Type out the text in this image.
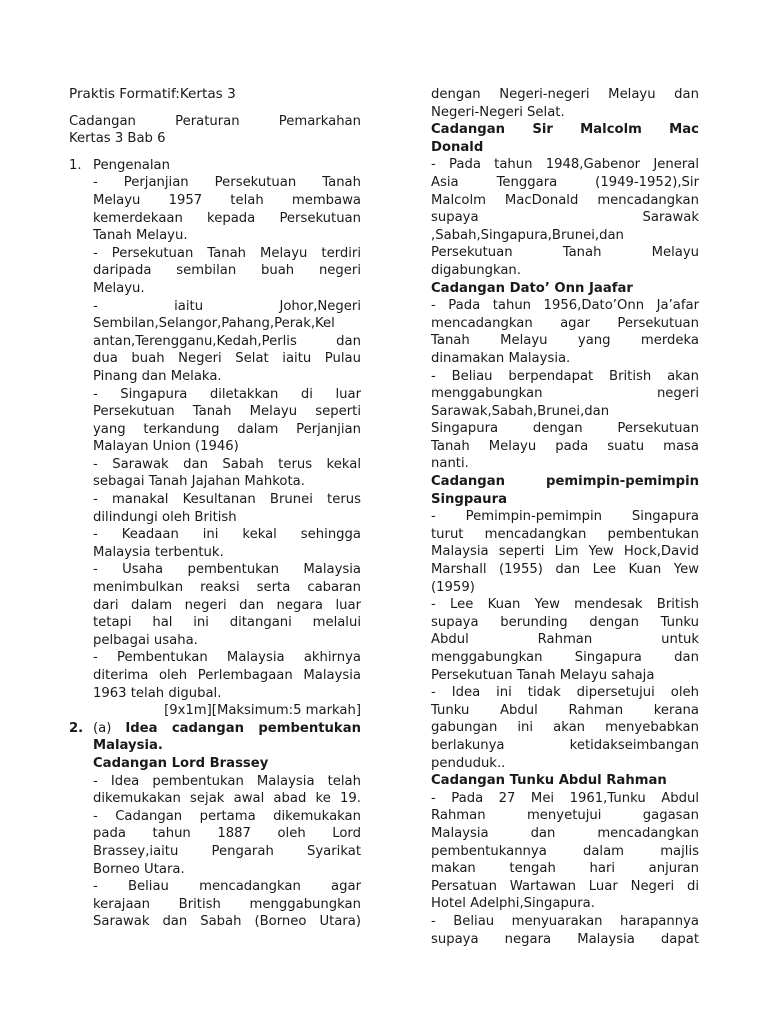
Praktis Formatif:Kertas 3

Cadangan Peraturan Pemarkahan

Kertas 3 Bab 6

1. Pengenalan

- Perjanjian Persekutuan Tanah

Melayu 1957 telah membawa

kemerdekaan kepada Persekutuan

Tanah Melayu.

- Persekutuan Tanah Melayu terdiri

daripada sembilan buah negeri

Melayu.

- iaitu Johor,Negeri

Sembilan,Selangor,Pahang,Perak,Kel

antan,Terengganu,Kedah,Perlis dan

dua buah Negeri Selat iaitu Pulau

Pinang dan Melaka.

- Singapura diletakkan di luar

Persekutuan Tanah Melayu seperti

yang terkandung dalam Perjanjian

Malayan Union (1946)

- Sarawak dan Sabah terus kekal

sebagai Tanah Jajahan Mahkota.

- manakal Kesultanan Brunei terus

dilindungi oleh British

- Keadaan ini kekal sehingga

Malaysia terbentuk.

- Usaha pembentukan Malaysia

menimbulkan reaksi serta cabaran

dari dalam negeri dan negara luar

tetapi hal ini ditangani melalui

pelbagai usaha.

- Pembentukan Malaysia akhirnya

diterima oleh Perlembagaan Malaysia

1963 telah digubal.

[9x1m][Maksimum:5 markah]

2. (a) Idea cadangan pembentukan

Malaysia.

Cadangan Lord Brassey

- Idea pembentukan Malaysia telah

dikemukakan sejak awal abad ke 19.

- Cadangan pertama dikemukakan

pada tahun 1887 oleh Lord

Brassey,iaitu Pengarah Syarikat

Borneo Utara.

- Beliau mencadangkan agar

kerajaan British menggabungkan

Sarawak dan Sabah (Borneo Utara)

dengan Negeri-negeri Melayu dan

Negeri-Negeri Selat.

Cadangan Sir Malcolm Mac

Donald

- Pada tahun 1948,Gabenor Jeneral

Asia Tenggara (1949-1952),Sir

Malcolm MacDonald mencadangkan

supaya Sarawak

,Sabah,Singapura,Brunei,dan

Persekutuan Tanah Melayu

digabungkan.

Cadangan Dato’ Onn Jaafar

- Pada tahun 1956,Dato’Onn Ja’afar

mencadangkan agar Persekutuan

Tanah Melayu yang merdeka

dinamakan Malaysia.

- Beliau berpendapat British akan

menggabungkan negeri

Sarawak,Sabah,Brunei,dan

Singapura dengan Persekutuan

Tanah Melayu pada suatu masa

nanti.

Cadangan pemimpin-pemimpin

Singpaura

- Pemimpin-pemimpin Singapura

turut mencadangkan pembentukan

Malaysia seperti Lim Yew Hock,David

Marshall (1955) dan Lee Kuan Yew

(1959)

- Lee Kuan Yew mendesak British

supaya berunding dengan Tunku

Abdul Rahman untuk

menggabungkan Singapura dan

Persekutuan Tanah Melayu sahaja

- Idea ini tidak dipersetujui oleh

Tunku Abdul Rahman kerana

gabungan ini akan menyebabkan

berlakunya ketidakseimbangan

penduduk..

Cadangan Tunku Abdul Rahman

- Pada 27 Mei 1961,Tunku Abdul

Rahman menyetujui gagasan

Malaysia dan mencadangkan

pembentukannya dalam majlis

makan tengah hari anjuran

Persatuan Wartawan Luar Negeri di

Hotel Adelphi,Singapura.

- Beliau menyuarakan harapannya

supaya negara Malaysia dapat
